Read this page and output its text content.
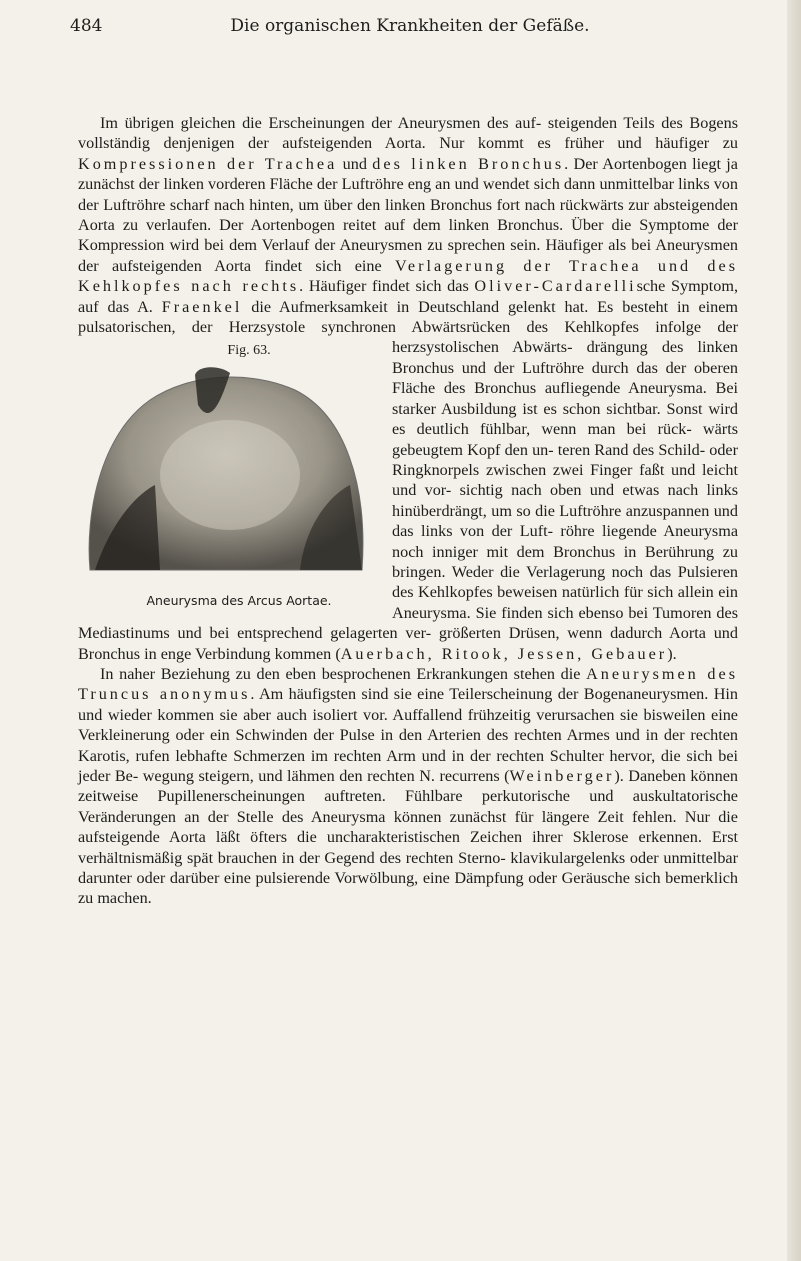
484	Die organischen Krankheiten der Gefäße.

Im übrigen gleichen die Erscheinungen der Aneurysmen des auf- steigenden Teils des Bogens vollständig denjenigen der aufsteigenden Aorta. Nur kommt es früher und häufiger zu Kompressionen der Trachea und des linken Bronchus. Der Aortenbogen liegt ja zunächst der linken vorderen Fläche der Luftröhre eng an und wendet sich dann unmittelbar links von der Luftröhre scharf nach hinten, um über den linken Bronchus fort nach rückwärts zur absteigenden Aorta zu verlaufen. Der Aortenbogen reitet auf dem linken Bronchus. Über die Symptome der Kompression wird bei dem Verlauf der Aneurysmen zu sprechen sein. Häufiger als bei Aneurysmen der aufsteigenden Aorta findet sich eine Verlagerung der Trachea und des Kehlkopfes nach rechts. Häufiger findet sich das Oliver-Cardarellische Symptom, auf das A. Fraenkel die Aufmerksamkeit in Deutschland gelenkt hat. Es besteht in einem pulsatorischen, der Herzsystole synchronen Abwärtsrücken des Kehlkopfes infolge
Fig. 63.
Aneurysma des Arcus Aortae.
der herzsystolischen Abwärts- drängung des linken Bronchus und der Luftröhre durch das der oberen Fläche des Bronchus aufliegende Aneurysma. Bei starker Ausbildung ist es schon sichtbar. Sonst wird es deutlich fühlbar, wenn man bei rück- wärts gebeugtem Kopf den un- teren Rand des Schild- oder Ringknorpels zwischen zwei Finger faßt und leicht und vor- sichtig nach oben und etwas nach links hinüberdrängt, um so die Luftröhre anzuspannen und das links von der Luft- röhre liegende Aneurysma noch inniger mit dem Bronchus in Berührung zu bringen. Weder die Verlagerung noch das Pulsieren des Kehlkopfes beweisen natürlich für sich allein ein Aneurysma. Sie finden sich ebenso bei Tumoren des Mediastinums und bei entsprechend gelagerten ver- größerten Drüsen, wenn dadurch Aorta und Bronchus in enge Verbindung kommen (Auerbach, Ritook, Jessen, Gebauer).

In naher Beziehung zu den eben besprochenen Erkrankungen stehen die Aneurysmen des Truncus anonymus. Am häufigsten sind sie eine Teilerscheinung der Bogenaneurysmen. Hin und wieder kommen sie aber auch isoliert vor. Auffallend frühzeitig verursachen sie bisweilen eine Verkleinerung oder ein Schwinden der Pulse in den Arterien des rechten Armes und in der rechten Karotis, rufen lebhafte Schmerzen im rechten Arm und in der rechten Schulter hervor, die sich bei jeder Be- wegung steigern, und lähmen den rechten N. recurrens (Weinberger). Daneben können zeitweise Pupillenerscheinungen auftreten. Fühlbare perkutorische und auskultatorische Veränderungen an der Stelle des Aneurysma können zunächst für längere Zeit fehlen. Nur die aufsteigende Aorta läßt öfters die uncharakteristischen Zeichen ihrer Sklerose erkennen. Erst verhältnismäßig spät brauchen in der Gegend des rechten Sterno- klavikulargelenks oder unmittelbar darunter oder darüber eine pulsierende Vorwölbung, eine Dämpfung oder Geräusche sich bemerklich zu machen.
